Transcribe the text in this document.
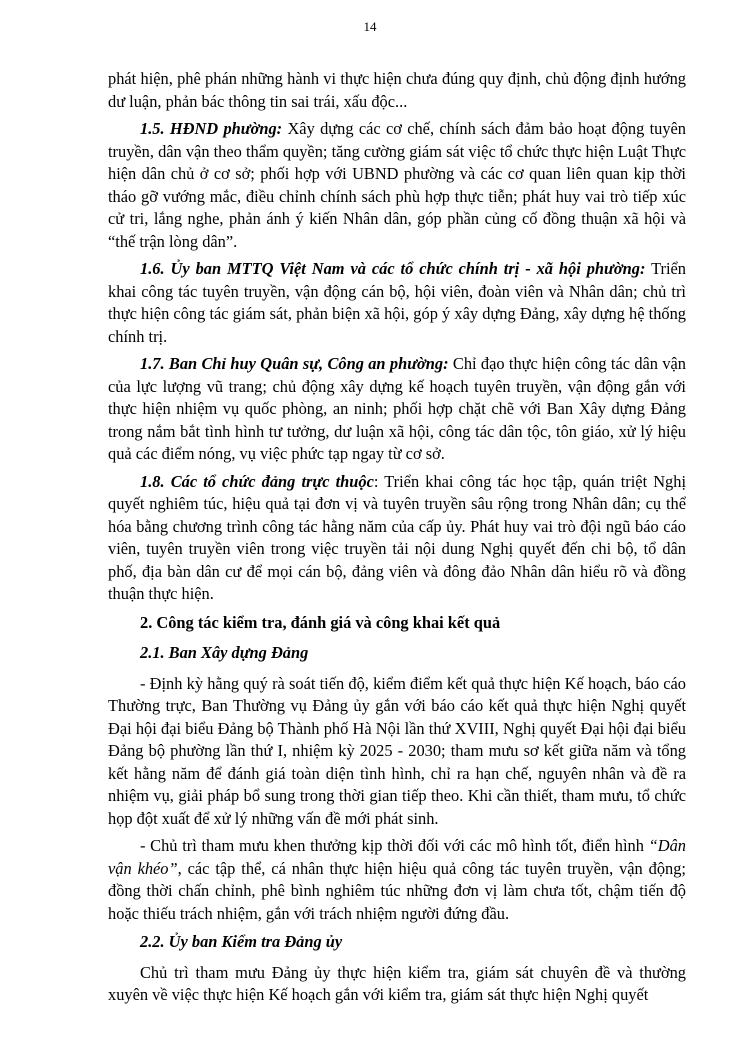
14

phát hiện, phê phán những hành vi thực hiện chưa đúng quy định, chủ động định hướng dư luận, phản bác thông tin sai trái, xấu độc...

1.5. HĐND phường: Xây dựng các cơ chế, chính sách đảm bảo hoạt động tuyên truyền, dân vận theo thẩm quyền; tăng cường giám sát việc tổ chức thực hiện Luật Thực hiện dân chủ ở cơ sở; phối hợp với UBND phường và các cơ quan liên quan kịp thời tháo gỡ vướng mắc, điều chỉnh chính sách phù hợp thực tiễn; phát huy vai trò tiếp xúc cử tri, lắng nghe, phản ánh ý kiến Nhân dân, góp phần củng cố đồng thuận xã hội và “thế trận lòng dân”.

1.6. Ủy ban MTTQ Việt Nam và các tổ chức chính trị - xã hội phường: Triển khai công tác tuyên truyền, vận động cán bộ, hội viên, đoàn viên và Nhân dân; chủ trì thực hiện công tác giám sát, phản biện xã hội, góp ý xây dựng Đảng, xây dựng hệ thống chính trị.

1.7. Ban Chỉ huy Quân sự, Công an phường: Chỉ đạo thực hiện công tác dân vận của lực lượng vũ trang; chủ động xây dựng kế hoạch tuyên truyền, vận động gắn với thực hiện nhiệm vụ quốc phòng, an ninh; phối hợp chặt chẽ với Ban Xây dựng Đảng trong nắm bắt tình hình tư tưởng, dư luận xã hội, công tác dân tộc, tôn giáo, xử lý hiệu quả các điểm nóng, vụ việc phức tạp ngay từ cơ sở.

1.8. Các tổ chức đảng trực thuộc: Triển khai công tác học tập, quán triệt Nghị quyết nghiêm túc, hiệu quả tại đơn vị và tuyên truyền sâu rộng trong Nhân dân; cụ thể hóa bằng chương trình công tác hằng năm của cấp ủy. Phát huy vai trò đội ngũ báo cáo viên, tuyên truyền viên trong việc truyền tải nội dung Nghị quyết đến chi bộ, tổ dân phố, địa bàn dân cư để mọi cán bộ, đảng viên và đông đảo Nhân dân hiểu rõ và đồng thuận thực hiện.

2. Công tác kiểm tra, đánh giá và công khai kết quả

2.1. Ban Xây dựng Đảng

- Định kỳ hằng quý rà soát tiến độ, kiểm điểm kết quả thực hiện Kế hoạch, báo cáo Thường trực, Ban Thường vụ Đảng ủy gắn với báo cáo kết quả thực hiện Nghị quyết Đại hội đại biểu Đảng bộ Thành phố Hà Nội lần thứ XVIII, Nghị quyết Đại hội đại biểu Đảng bộ phường lần thứ I, nhiệm kỳ 2025 - 2030; tham mưu sơ kết giữa năm và tổng kết hằng năm để đánh giá toàn diện tình hình, chỉ ra hạn chế, nguyên nhân và đề ra nhiệm vụ, giải pháp bổ sung trong thời gian tiếp theo. Khi cần thiết, tham mưu, tổ chức họp đột xuất để xử lý những vấn đề mới phát sinh.

- Chủ trì tham mưu khen thưởng kịp thời đối với các mô hình tốt, điển hình “Dân vận khéo”, các tập thể, cá nhân thực hiện hiệu quả công tác tuyên truyền, vận động; đồng thời chấn chỉnh, phê bình nghiêm túc những đơn vị làm chưa tốt, chậm tiến độ hoặc thiếu trách nhiệm, gắn với trách nhiệm người đứng đầu.

2.2. Ủy ban Kiểm tra Đảng ủy

Chủ trì tham mưu Đảng ủy thực hiện kiểm tra, giám sát chuyên đề và thường xuyên về việc thực hiện Kế hoạch gắn với kiểm tra, giám sát thực hiện Nghị quyết
